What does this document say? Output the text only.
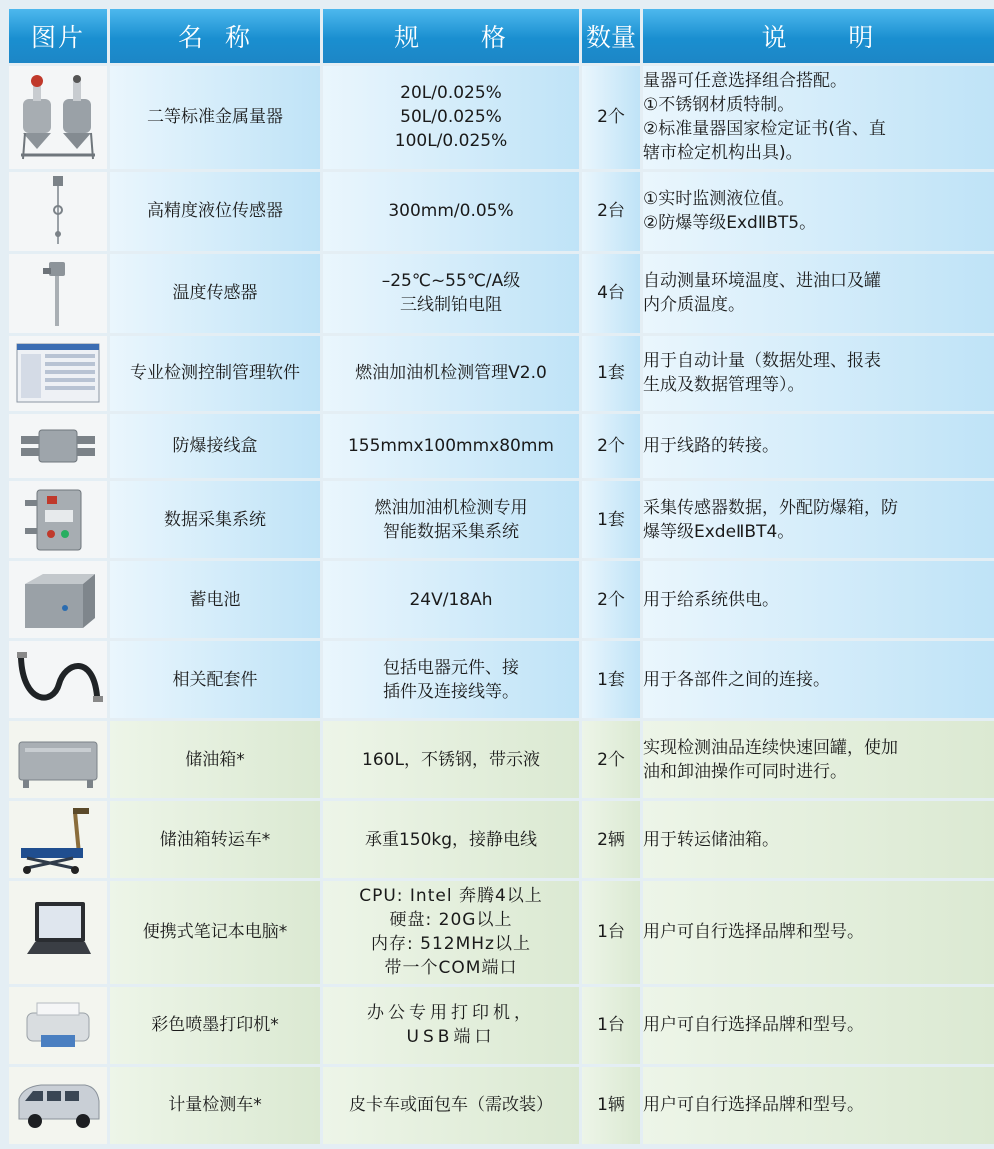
图片	名  称	规      格	数量	说      明

	二等标准金属量器	20L/0.025%
50L/0.025%
100L/0.025%	2个	量器可任意选择组合搭配。
①不锈钢材质特制。
②标准量器国家检定证书(省、直
辖市检定机构出具)。

	高精度液位传感器	300mm/0.05%	2台	①实时监测液位值。
②防爆等级ExdⅡBT5。

	温度传感器	–25℃~55℃/A级
三线制铂电阻	4台	自动测量环境温度、进油口及罐
内介质温度。

	专业检测控制管理软件	燃油加油机检测管理V2.0	1套	用于自动计量（数据处理、报表
生成及数据管理等）。

	防爆接线盒	155mmx100mmx80mm	2个	用于线路的转接。

	数据采集系统	燃油加油机检测专用
智能数据采集系统	1套	采集传感器数据，外配防爆箱，防
爆等级ExdeⅡBT4。

	蓄电池	24V/18Ah	2个	用于给系统供电。

	相关配套件	包括电器元件、接
插件及连接线等。	1套	用于各部件之间的连接。

	储油箱*	160L，不锈钢，带示液	2个	实现检测油品连续快速回罐，使加
油和卸油操作可同时进行。

	储油箱转运车*	承重150kg，接静电线	2辆	用于转运储油箱。

	便携式笔记本电脑*	CPU: Intel 奔腾4以上
硬盘: 20G以上
内存: 512MHz以上
带一个COM端口	1台	用户可自行选择品牌和型号。

	彩色喷墨打印机*	办公专用打印机，
USB端口	1台	用户可自行选择品牌和型号。

	计量检测车*	皮卡车或面包车（需改装）	1辆	用户可自行选择品牌和型号。
